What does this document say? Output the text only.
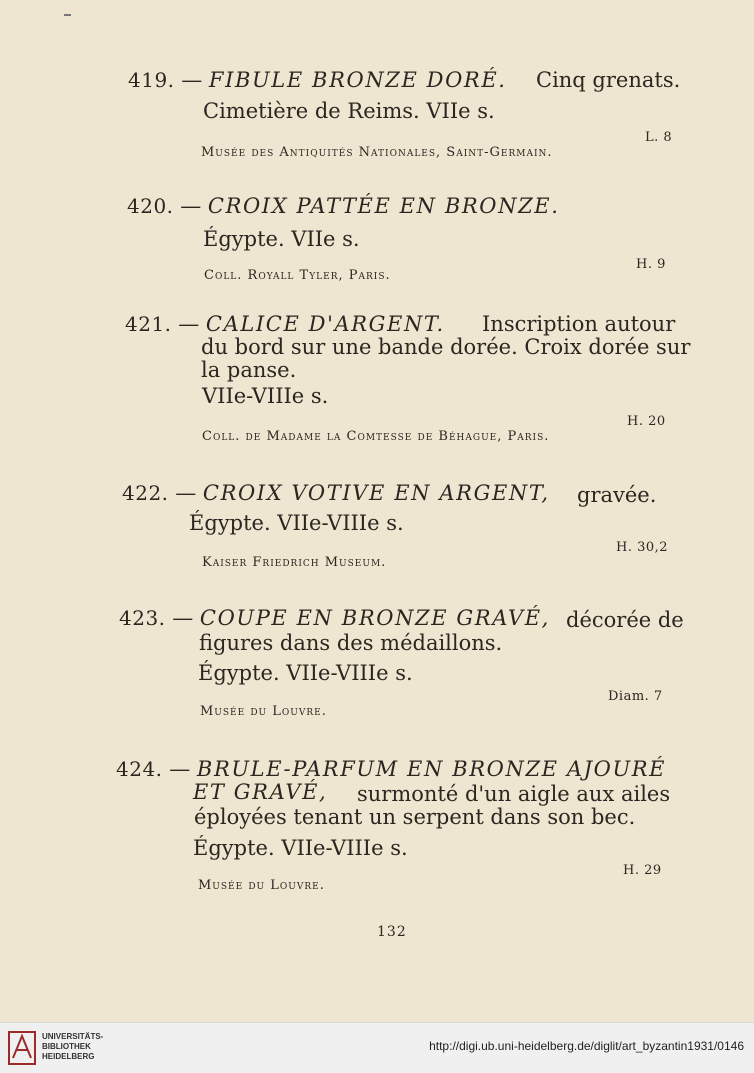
419. — FIBULE BRONZE DORÉ. Cinq grenats.
Cimetière de Reims. VIIe s.
L. 8
Musée des Antiquités Nationales, Saint-Germain.
420. — CROIX PATTÉE EN BRONZE.
Égypte. VIIe s.
H. 9
Coll. Royall Tyler, Paris.
421. — CALICE D'ARGENT. Inscription autour
du bord sur une bande dorée. Croix dorée sur
la panse.
VIIe-VIIIe s.
H. 20
Coll. de Madame la Comtesse de Béhague, Paris.
422. — CROIX VOTIVE EN ARGENT, gravée.
Égypte. VIIe-VIIIe s.
H. 30,2
Kaiser Friedrich Museum.
423. — COUPE EN BRONZE GRAVÉ, décorée de
figures dans des médaillons.
Égypte. VIIe-VIIIe s.
Diam. 7
Musée du Louvre.
424. — BRULE-PARFUM EN BRONZE AJOURÉ
ET GRAVÉ, surmonté d'un aigle aux ailes
éployées tenant un serpent dans son bec.
Égypte. VIIe-VIIIe s.
H. 29
Musée du Louvre.
132
UNIVERSITÄTS-
BIBLIOTHEK
HEIDELBERG
http://digi.ub.uni-heidelberg.de/diglit/art_byzantin1931/0146
